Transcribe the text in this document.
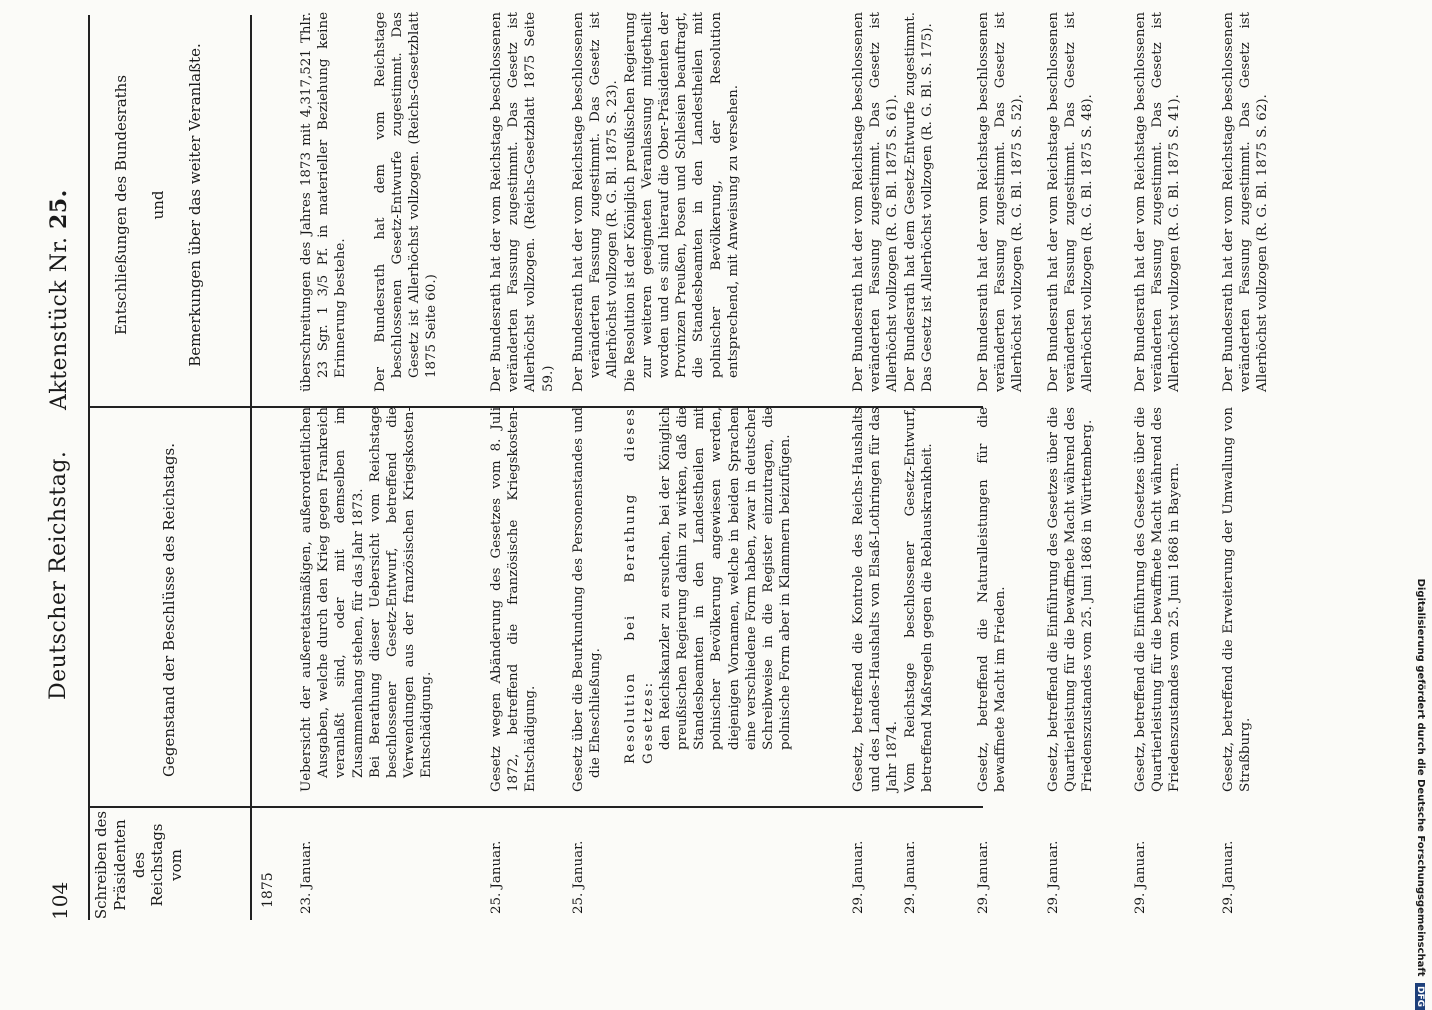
104
Deutscher Reichstag.
Aktenstück Nr. 25.
Schreiben des Präsidenten des Reichstags vom
Gegenstand der Beschlüsse des Reichstags.

Entschließungen des Bundesraths und Bemerkungen über das weiter Veranlaßte.

1875 23. Januar.

Uebersicht der außeretatsmäßigen, außerordentlichen Ausgaben, welche durch den Krieg gegen Frankreich veranlaßt sind, oder mit demselben im Zusammenhang stehen, für das Jahr 1873. Bei Berathung dieser Uebersicht vom Reichstage beschlossener Gesetz-Entwurf, betreffend die Verwendungen aus der französischen Kriegskosten-Entschädigung.

überschreitungen des Jahres 1873 mit 4,317,521 Thlr. 23 Sgr. 1 3/5 Pf. in materieller Beziehung keine Erinnerung bestehe. Der Bundesrath hat dem vom Reichstage beschlossenen Gesetz-Entwurfe zugestimmt. Das Gesetz ist Allerhöchst vollzogen. (Reichs-Gesetzblatt 1875 Seite 60.)

25. Januar.
Gesetz wegen Abänderung des Gesetzes vom 8. Juli 1872, betreffend die französische Kriegskosten-Entschädigung.
Der Bundesrath hat der vom Reichstage beschlossenen veränderten Fassung zugestimmt. Das Gesetz ist Allerhöchst vollzogen. (Reichs-Gesetzblatt 1875 Seite 59.)
25. Januar.

Gesetz über die Beurkundung des Personenstandes und die Eheschließung. Resolution bei Berathung dieses Gesetzes: den Reichskanzler zu ersuchen, bei der Königlich preußischen Regierung dahin zu wirken, daß die Standesbeamten in den Landestheilen mit polnischer Bevölkerung angewiesen werden, diejenigen Vornamen, welche in beiden Sprachen eine verschiedene Form haben, zwar in deutscher Schreibweise in die Register einzutragen, die polnische Form aber in Klammern beizufügen.

Der Bundesrath hat der vom Reichstage beschlossenen veränderten Fassung zugestimmt. Das Gesetz ist Allerhöchst vollzogen (R. G. Bl. 1875 S. 23). Die Resolution ist der Königlich preußischen Regierung zur weiteren geeigneten Veranlassung mitgetheilt worden und es sind hierauf die Ober-Präsidenten der Provinzen Preußen, Posen und Schlesien beauftragt, die Standesbeamten in den Landestheilen mit polnischer Bevölkerung, der Resolution entsprechend, mit Anweisung zu versehen.

29. Januar.
Gesetz, betreffend die Kontrole des Reichs-Haushalts und des Landes-Haushalts von Elsaß-Lothringen für das Jahr 1874.
Der Bundesrath hat der vom Reichstage beschlossenen veränderten Fassung zugestimmt. Das Gesetz ist Allerhöchst vollzogen (R. G. Bl. 1875 S. 61).
29. Januar.
Vom Reichstage beschlossener Gesetz-Entwurf, betreffend Maßregeln gegen die Reblauskrankheit.
Der Bundesrath hat dem Gesetz-Entwurfe zugestimmt. Das Gesetz ist Allerhöchst vollzogen (R. G. Bl. S. 175).
29. Januar.
Gesetz, betreffend die Naturalleistungen für die bewaffnete Macht im Frieden.
Der Bundesrath hat der vom Reichstage beschlossenen veränderten Fassung zugestimmt. Das Gesetz ist Allerhöchst vollzogen (R. G. Bl. 1875 S. 52).
29. Januar.
Gesetz, betreffend die Einführung des Gesetzes über die Quartierleistung für die bewaffnete Macht während des Friedenszustandes vom 25. Juni 1868 in Württemberg.
Der Bundesrath hat der vom Reichstage beschlossenen veränderten Fassung zugestimmt. Das Gesetz ist Allerhöchst vollzogen (R. G. Bl. 1875 S. 48).
29. Januar.
Gesetz, betreffend die Einführung des Gesetzes über die Quartierleistung für die bewaffnete Macht während des Friedenszustandes vom 25. Juni 1868 in Bayern.
Der Bundesrath hat der vom Reichstage beschlossenen veränderten Fassung zugestimmt. Das Gesetz ist Allerhöchst vollzogen (R. G. Bl. 1875 S. 41).
29. Januar.
Gesetz, betreffend die Erweiterung der Umwallung von Straßburg.
Der Bundesrath hat der vom Reichstage beschlossenen veränderten Fassung zugestimmt. Das Gesetz ist Allerhöchst vollzogen (R. G. Bl. 1875 S. 62).
Digitalisierung gefördert durch die Deutsche Forschungsgemeinschaft DFG
